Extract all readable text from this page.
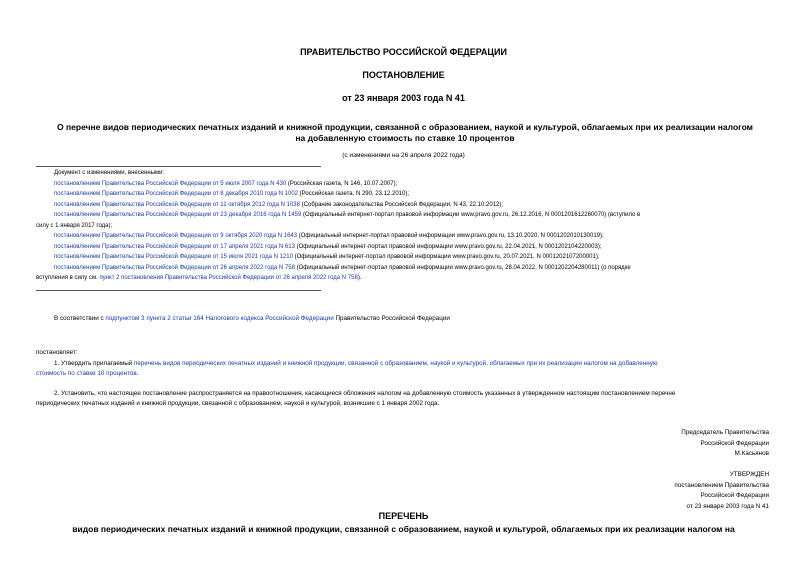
ПРАВИТЕЛЬСТВО РОССИЙСКОЙ ФЕДЕРАЦИИ
ПОСТАНОВЛЕНИЕ
от 23 января 2003 года N 41
О перечне видов периодических печатных изданий и книжной продукции, связанной с образованием, наукой и культурой, облагаемых при их реализации налогом
на добавленную стоимость по ставке 10 процентов
(с изменениями на 26 апреля 2022 года)
Документ с изменениями, внесенными:
постановлением Правительства Российской Федерации от 5 июля 2007 года N 430 (Российская газета, N 146, 10.07.2007);
постановлением Правительства Российской Федерации от 8 декабря 2010 года N 1002 (Российская газета, N 290, 23.12.2010);
постановлением Правительства Российской Федерации от 11 октября 2012 года N 1038 (Собрание законодательства Российской Федерации, N 43, 22.10.2012);
постановлением Правительства Российской Федерации от 23 декабря 2016 года N 1459 (Официальный интернет-портал правовой информации www.pravo.gov.ru, 26.12.2016, N 0001201612260070) (вступило в
силу с 1 января 2017 года);
постановлением Правительства Российской Федерации от 9 октября 2020 года N 1643 (Официальный интернет-портал правовой информации www.pravo.gov.ru, 13.10.2020, N 0001202010130019);
постановлением Правительства Российской Федерации от 17 апреля 2021 года N 613 (Официальный интернет-портал правовой информации www.pravo.gov.ru, 22.04.2021, N 0001202104220003);
постановлением Правительства Российской Федерации от 15 июля 2021 года N 1210 (Официальный интернет-портал правовой информации www.pravo.gov.ru, 20.07.2021, N 0001202107200001);
постановлением Правительства Российской Федерации от 26 апреля 2022 года N 758 (Официальный интернет-портал правовой информации www.pravo.gov.ru, 28.04.2022, N 0001202204280011) (о порядке
вступления в силу см. пункт 2 постановления Правительства Российской Федерации от 26 апреля 2022 года N 758).
В соответствии с подпунктом 3 пункта 2 статьи 164 Налогового кодекса Российской Федерации Правительство Российской Федерации
постановляет:
1. Утвердить прилагаемый перечень видов периодических печатных изданий и книжной продукции, связанной с образованием, наукой и культурой, облагаемых при их реализации налогом на добавленную
стоимость по ставке 10 процентов.
2. Установить, что настоящее постановление распространяется на правоотношения, касающиеся обложения налогом на добавленную стоимость указанных в утвержденном настоящим постановлением перечне
периодических печатных изданий и книжной продукции, связанной с образованием, наукой и культурой, возникшие с 1 января 2002 года.
Председатель Правительства
Российской Федерации
М.Касьянов
УТВЕРЖДЕН
постановлением Правительства
Российской Федерации
от 23 января 2003 года N 41
ПЕРЕЧЕНЬ
видов периодических печатных изданий и книжной продукции, связанной с образованием, наукой и культурой, облагаемых при их реализации налогом на
